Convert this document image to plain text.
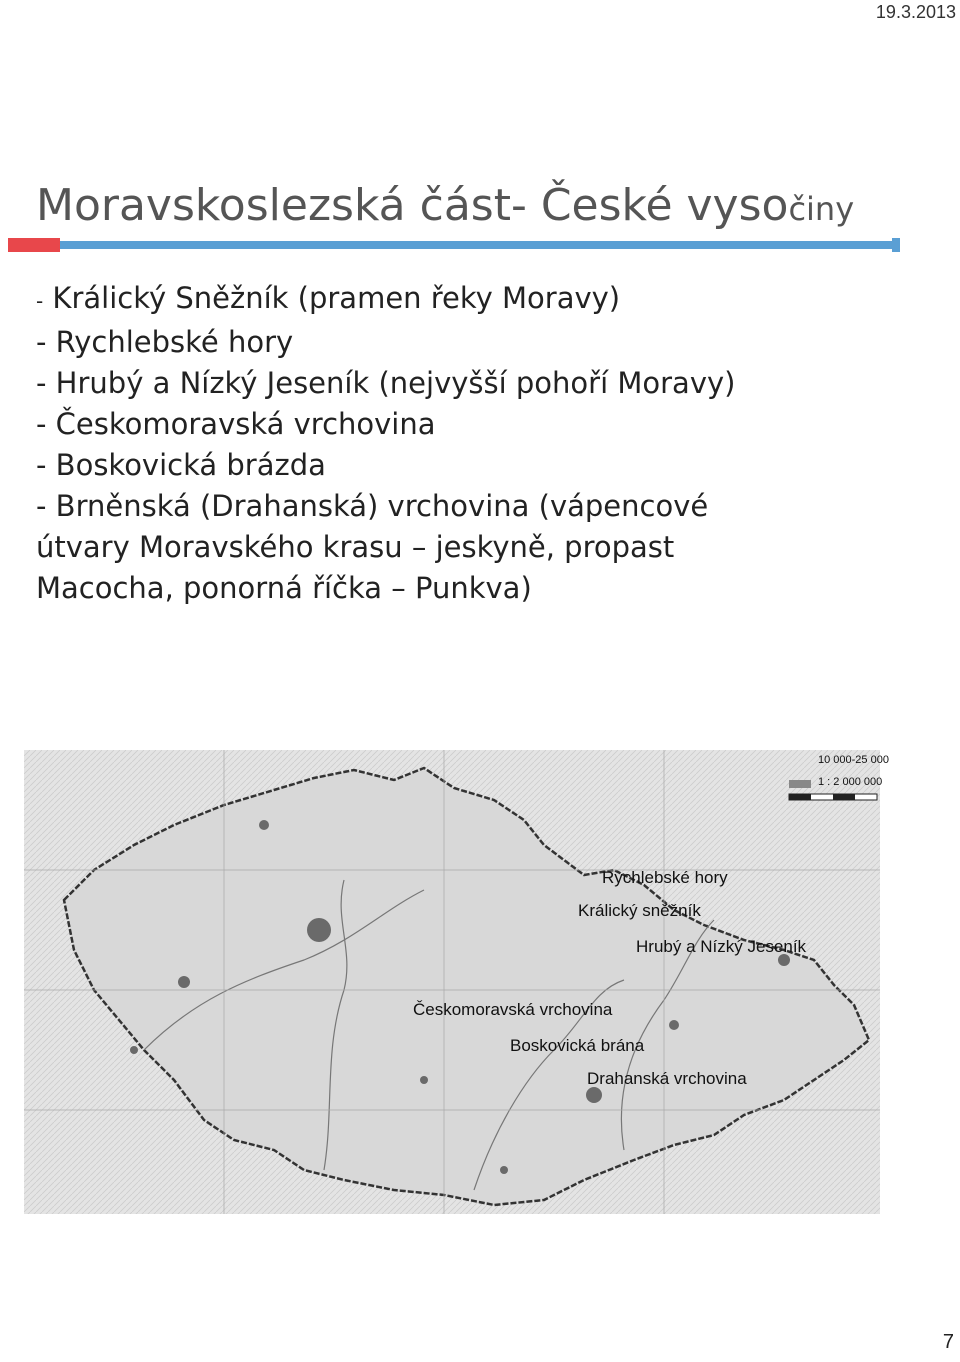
19.3.2013
Moravskoslezská část- České vysočiny
- Králický Sněžník (pramen řeky Moravy)
- Rychlebské hory
- Hrubý a Nízký Jeseník (nejvyšší pohoří Moravy)
- Českomoravská vrchovina
- Boskovická brázda
- Brněnská (Drahanská) vrchovina (vápencové
útvary Moravského krasu – jeskyně, propast
Macocha, ponorná říčka – Punkva)
10 000-25 000
1 : 2 000 000
Rychlebské hory
Králický sněžník
Hrubý a Nízký Jeseník
Českomoravská vrchovina
Boskovická brána
Drahanská vrchovina
7
